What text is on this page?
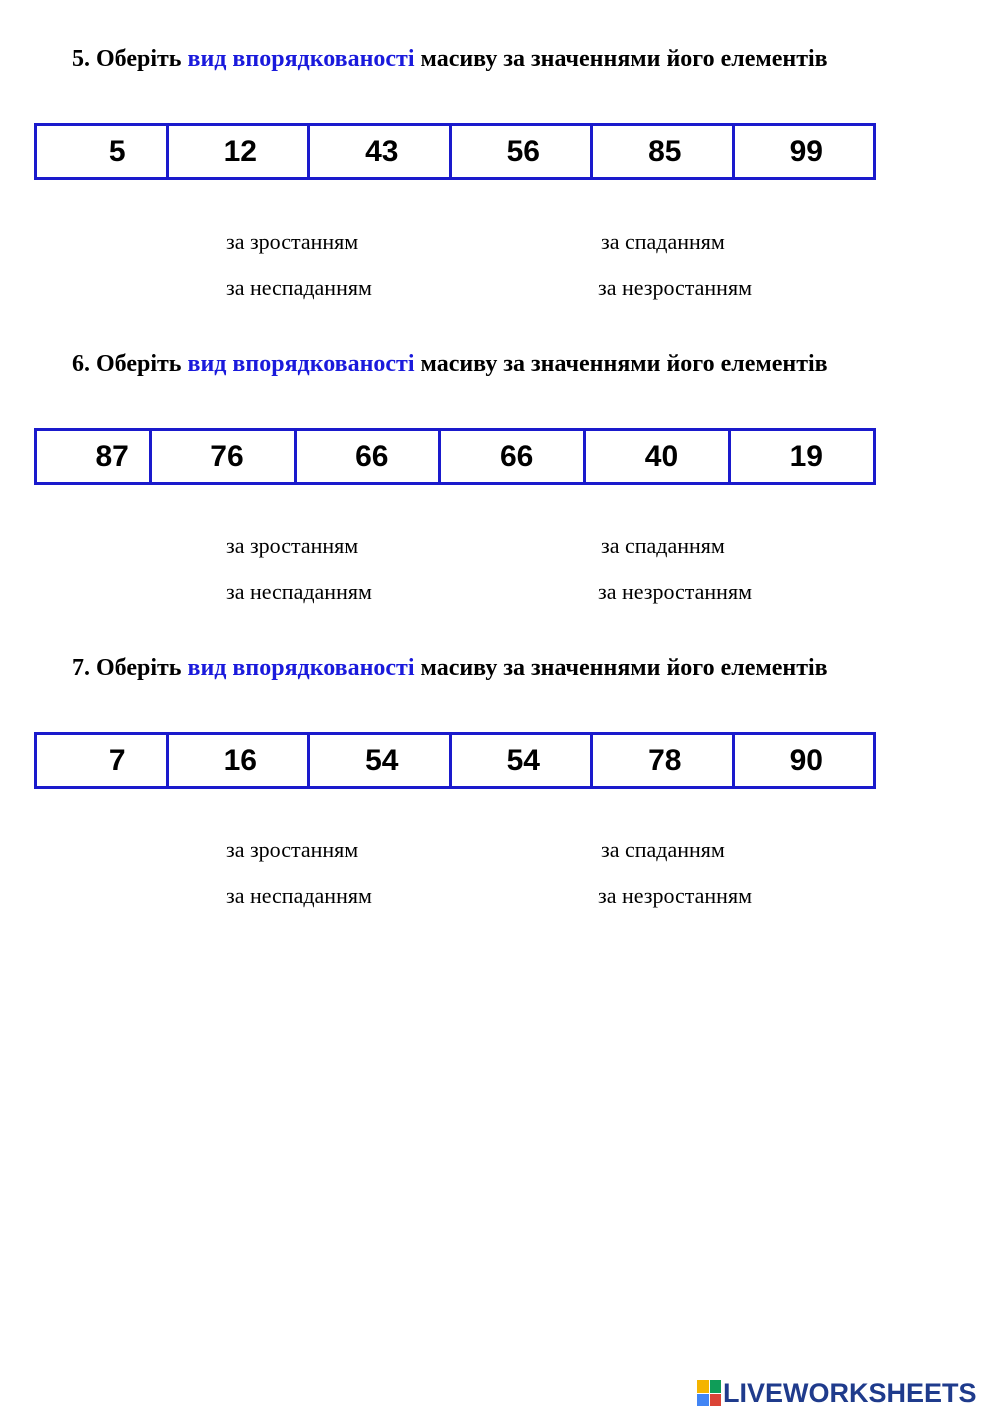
5. Оберіть вид впорядкованості масиву за значеннями його елементів
5	12	43	56	85	99
за зростанням	за спаданням
за неспаданням	за незростанням
6. Оберіть вид впорядкованості масиву за значеннями його елементів
87	76	66	66	40	19
за зростанням	за спаданням
за неспаданням	за незростанням
7. Оберіть вид впорядкованості масиву за значеннями його елементів
7	16	54	54	78	90
за зростанням	за спаданням
за неспаданням	за незростанням
LIVEWORKSHEETS
